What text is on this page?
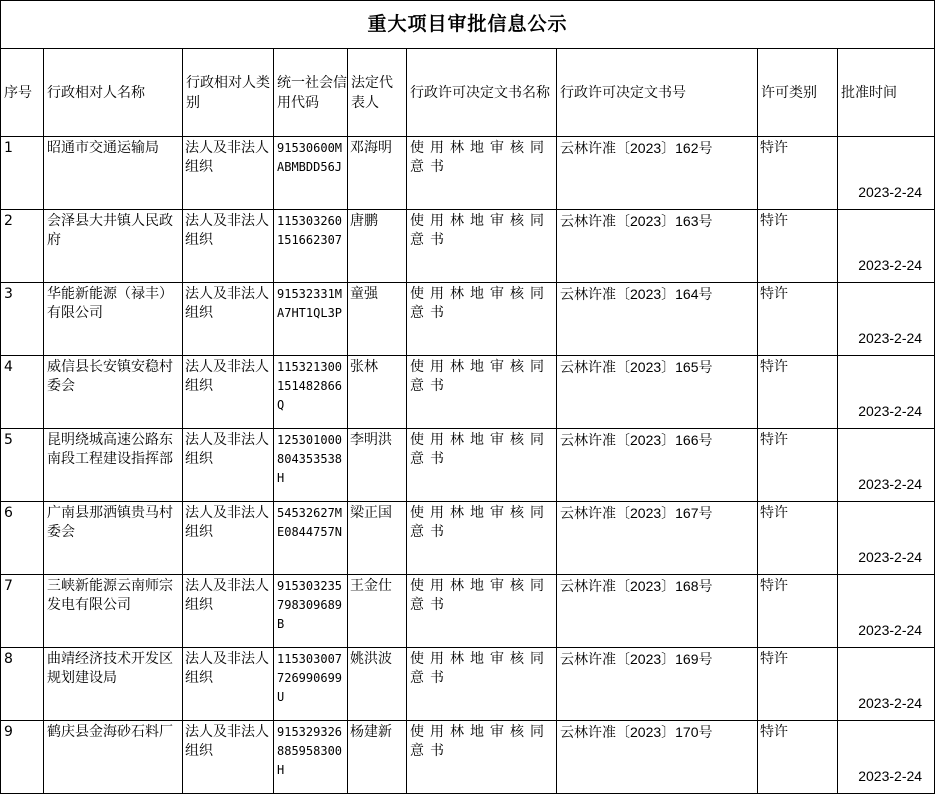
重大项目审批信息公示								
序号	行政相对人名称	行政相对人类别	统一社会信用代码	法定代表人	行政许可决定文书名称	行政许可决定文书号	许可类别	批准时间
1	昭通市交通运输局	法人及非法人组织	91530600MABMBDD56J	邓海明	使用林地审核同意书	云林许准〔2023〕162号	特许	2023-2-24
2	会泽县大井镇人民政府	法人及非法人组织	115303260151662307	唐鹏	使用林地审核同意书	云林许准〔2023〕163号	特许	2023-2-24
3	华能新能源（禄丰）有限公司	法人及非法人组织	91532331MA7HT1QL3P	童强	使用林地审核同意书	云林许准〔2023〕164号	特许	2023-2-24
4	威信县长安镇安稳村委会	法人及非法人组织	115321300151482866Q	张林	使用林地审核同意书	云林许准〔2023〕165号	特许	2023-2-24
5	昆明绕城高速公路东南段工程建设指挥部	法人及非法人组织	125301000804353538H	李明洪	使用林地审核同意书	云林许准〔2023〕166号	特许	2023-2-24
6	广南县那洒镇贵马村委会	法人及非法人组织	54532627ME0844757N	梁正国	使用林地审核同意书	云林许准〔2023〕167号	特许	2023-2-24
7	三峡新能源云南师宗发电有限公司	法人及非法人组织	915303235798309689B	王金仕	使用林地审核同意书	云林许准〔2023〕168号	特许	2023-2-24
8	曲靖经济技术开发区规划建设局	法人及非法人组织	115303007726990699U	姚洪波	使用林地审核同意书	云林许准〔2023〕169号	特许	2023-2-24
9	鹤庆县金海砂石料厂	法人及非法人组织	915329326885958300H	杨建新	使用林地审核同意书	云林许准〔2023〕170号	特许	2023-2-24
